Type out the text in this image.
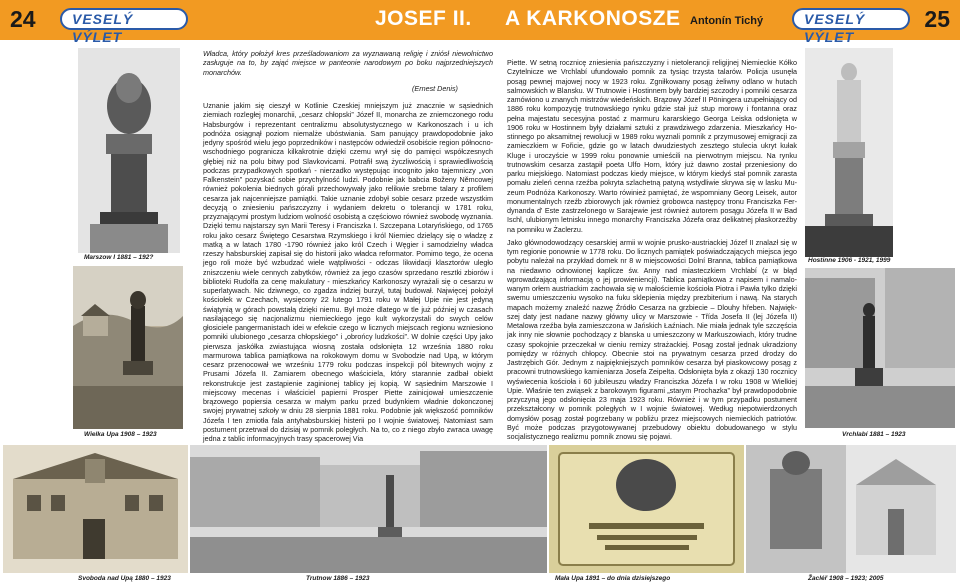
24	VESELÝ VÝLET
JOSEF II. A KARKONOSZE Antonín Tichý	VESELÝ VÝLET
25
Marszow I 1881 – 192?
Wielka Upa 1908 – 1923
Władca, który położył kres prześladowaniom za wyznawaną religię i zniósł niewolnictwo zasługuje na to, by zająć miejsce w panteonie narodowym po boku najprzedniejszych monarchów.
(Ernest Denis)

Uznanie jakim się cieszył w Kotlinie Czeskiej mniejszym już znacznie w sąsiednich ziemiach rozległej monarchii, „cesarz chłopski” Józef II, monarcha ze zniemczonego rodu Habsburgów i reprezentant centralizmu absolutystycznego w Karkonoszach i u ich podnóża osiągnął poziom niemalże ubóstwiania. Sam panujący prawdopodobnie jako jedyny spośród wielu jego poprzedników i następców odwiedził osobiście region północno-wschodniego pogranicza kilkakrotnie dzięki czemu wrył się do pamięci współczesnych głębiej niż na polu bitwy pod Slavkovicami. Potrafił swą życzliwością i sprawiedliwością podczas przypadkowych spotkań - nierzadko występując incognito jako tajemniczy „von Falkenstein” pozyskać sobie przychylność ludzi. Podobnie jak babcia Boženy Němcowej również pokolenia biednych górali przechowywały jako relikwie srebrne talary z profilem cesarza jak najcenniejsze pamiątki. Takie uznanie zdobył sobie cesarz przede wszystkim decyzją o zniesieniu pańszczyzny i wydaniem dekretu o tolerancji w 1781 roku, przyznającymi prostym ludziom wolność osobistą a częściowo również swobodę wyznania. Dzięki temu najstarszy syn Marii Teresy i Franciszka I. Szczepana Lotaryńskiego, od 1765 roku jako cesarz Świętego Cesarstwa Rzymskiego i król Niemiec dzielący się o władzę z matką a w latach 1780 -1790 również jako król Czech i Węgier i samodzielny władca rzeszy habsburskiej zapisał się do historii jako władca reformator. Pomimo tego, że ocena jego roli może być wzbudzać wiele wątpliwości - odczas likwidacji klasztorów uległo zniszczeniu wiele cennych zabytków, również za jego czasów sprzedano resztki zbiorów i biblioteki Rudolfa za cenę makulatury - mieszkańcy Karkonoszy wyrażali się o cesarzu w superlatywach. Nic dziwnego, co zgadza indziej burzył, tutaj budował. Najwięcej położył kościołek w Czechach, wysięcony 22 lutego 1791 roku w Małej Upie nie jest jedyną świątynią w górach powstałą dzięki niemu. Był może dlatego w tle już później w czasach nasilającego się nacjonalizmu niemieckiego jego kult wykorzystali do swych celów głosiciele pangermanistach idei w efekcie czego w licznych miejscach regionu wzniesiono pomniki ulubionego „cesarza chłopskiego” i „obrońcy ludzkości”. W dolnie części Upy jako pierwsza jaskółka zwiastująca wiosną została odsłonięta 12 września 1880 roku marmurowa tablica pamiątkowa na rokokowym domu w Svobodzie nad Upą, w którym cesarz przenocował we wrześniu 1779 roku podczas inspekcji pól bitewnych wojny z Prusami Józefa II. Zamiarem obecnego właściciela, który starannie zadbał obiekt rekonstrukcje jest zastąpienie zaginionej tablicy jej kopią. W sąsiednim Marszowie I miejscowy mecenas i właściciel papierni Prosper Piette zainicjował umieszczenie brązowego popiersia cesarza w małym parku przed budynkiem władnie dokonczonej swojej prywatnej szkoły w dniu 28 sierpnia 1881 roku. Podobnie jak większość pomników Józefa I ten zmiotła fala antyhabsburskiej histerii po I wojnie światowej. Natomiast sam postument przetrwał do dzisiaj w pomnik poległych. Na to, co z niego zbyło zwraca uwagę jedna z tablic informacyjnych trasy spacerowej Via

Piette. W setną rocznicę zniesienia pańszczyzny i nietolerancji religijnej Niemieckie Kółko Czytelnicze we Vrchlabí ufundowało pomnik za tysiąc trzysta talarów. Policja usunęła posąg pewnej majowej nocy w 1923 roku. Zgniłkowany posąg żeliwny odlano w hutach salmowskich w Blansku. W Trutnowie i Hostinnem były bardziej szczodry i pomniki cesarza zamówiono u znanych mistrzów wiedeńskich. Brązowy Józef II Pöningera uzupełniający od 1886 roku kompozycję trutnowskiego rynku gdzie stał już stup morowy i fontanna oraz pełna majestatu secesyjna postać z marmuru kararskiego Georga Leiska odsłonięta w 1906 roku w Hostinnem były działami sztuki z prawdziwego zdarzenia. Mieszkańcy Hostinnego po aksamitnej rewolucji w 1989 roku wyznali pomnik z przymusowej emigracji za zamieczkiem w Fořicie, gdzie go w latach dwudziestych zesztego stulecia ukryt kułak Kluge i uroczyście w 1999 roku ponownie umieścili na pierwotnym miejscu. Na rynku trutnowskim cesarza zastąpił poeta Ulfo Horn, który już dawno został przeniesiony do parku miejskiego. Natomiast podczas kiedy miejsce, w którym kiedyś stał pomnik zarasta pomału zieleń cenna rzeźba pokryta szlachetną patyną wstydliwie skrywa się w lasku Muzeum Podnóża Karkonoszy. Warto rówinież pamiętać, że wspomniany Georg Leisek, autor monumentalnych rzeźb zbiorowych jak również grobowca następcy tronu Franciszka Ferdynanda d' Este zastrzelonego w Sarajewie jest również autorem posągu Józefa II w Bad Ischl, ulubionym letnisku innego monarchy Franciszka Józefa oraz delikatnej płaskorzeźby na pomniku w Żaclerzu.

Jako głównodowodzący cesarskiej armii w wojnie prusko-austriackiej Józef II znalazł się w tym regionie ponownie w 1778 roku. Do licznych pamiątek poświadczających miejsca jego pobytu należał na przykład domek nr 8 w miejscowości Dolní Branna, tablica pamiątkowa na niedawno odnowionej kaplicze św. Anny nad miasteczkiem Vrchlabí (z w błąd wprowadzającą informacją o jej prowieniencji). Tablica pamiątkowa z napisem i namalowanym orłem austriackim zachowała się w małościemie kościoła Piotra i Pawła tylko dzięki swemu umieszczeniu wysoko na fuku sklepienia między prezbiterium i nawą. Na starych mapach możemy znaleźć nazwę Źródło Cesarza na grzbiecie – Dlouhy hřeben. Największej daty jest nadane nazwy główny ulicy w Marszowie - Třída Josefa II (lej Józefa II) Metalowa rzeźba była zamieszczona w Jańskich Łaźniach. Nie miała jednak tyle szczęścia jak inny nie słownie pochodzący z blanska u umieszczony w Markuszowiach, który trudne czasy spokojnie przeczekał w cieniu remizy strażackiej. Posąg został jednak ukradziony pomiędzy w różnych chłopcy. Obecnie stoi na prywatnym cesarza przed drodzy do Jastrzębich Gór. Jednym z najpiękniejszych pomników cesarza był piaskowcowy posąg z pracowni trutnowskiego kamieniarza Josefa Zeipelta. Odsłonięta była z okazji 130 rocznicy wyświecenia kościoła i 60 jubileuszu władzy Franciszka Józefa I w roku 1908 w Wielkiej Upie. Właśnie ten zwiąsek z barokowym figurami „starym Prochazka” był prawdopodobnie przyczyną jego odsłonięcia 23 maja 1923 roku. Również i w tym przypadku postument przekształcony w pomnik poległych w I wojnie światowej. Według niepotwierdzonych domysłów posąg został pogrzebany w pobliżu przez miejscowych niemieckich patriotów. Być może podczas przygotowywanej przebudowy obiektu dobudowanego w stylu socjalistycznego realizmu pomnik znowu się pojawi.

Hostinne 1906 - 1921, 1999
Vrchlabí 1881 – 1923
Svoboda nad Upą 1880 – 1923	Trutnow 1886 – 1923	Mała Upa 1891 – do dnia dzisiejszego	Žacléř 1908 – 1923; 2005
